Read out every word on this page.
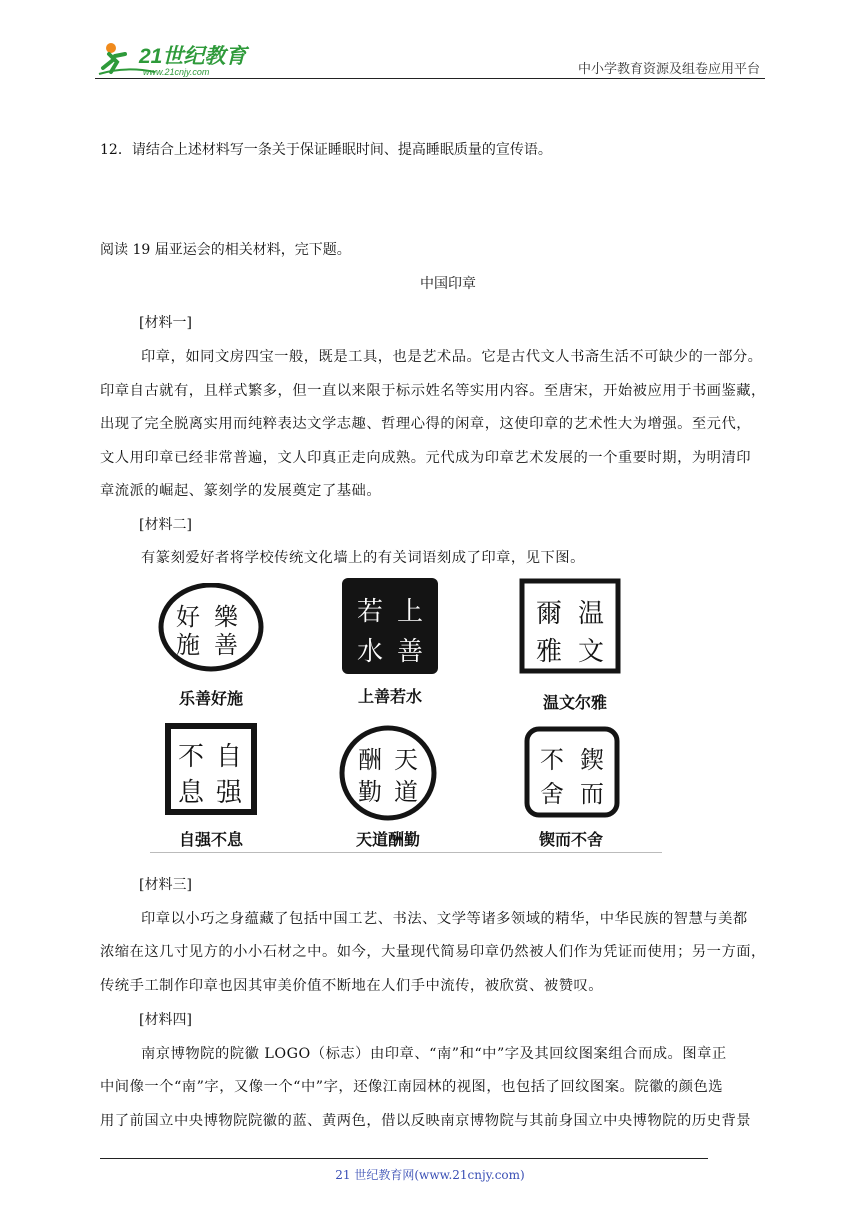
21世纪教育
www.21cnjy.com	中小学教育资源及组卷应用平台
12．请结合上述材料写一条关于保证睡眠时间、提高睡眠质量的宣传语。
阅读 19 届亚运会的相关材料，完下题。
中国印章
[材料一]
印章，如同文房四宝一般，既是工具，也是艺术品。它是古代文人书斋生活不可缺少的一部分。
印章自古就有，且样式繁多，但一直以来限于标示姓名等实用内容。至唐宋，开始被应用于书画鉴藏，
出现了完全脱离实用而纯粹表达文学志趣、哲理心得的闲章，这使印章的艺术性大为增强。至元代，
文人用印章已经非常普遍，文人印真正走向成熟。元代成为印章艺术发展的一个重要时期，为明清印
章流派的崛起、篆刻学的发展奠定了基础。
[材料二]
有篆刻爱好者将学校传统文化墙上的有关词语刻成了印章，见下图。
好 樂
施 善
乐善好施
若 上
水 善
上善若水
爾 温
雅 文
温文尔雅
不 自
息 强
自强不息
酬 天
勤 道
天道酬勤
不 鍥
舍 而
锲而不舍
[材料三]
印章以小巧之身蕴藏了包括中国工艺、书法、文学等诸多领域的精华，中华民族的智慧与美都
浓缩在这几寸见方的小小石材之中。如今，大量现代简易印章仍然被人们作为凭证而使用；另一方面，
传统手工制作印章也因其审美价值不断地在人们手中流传，被欣赏、被赞叹。
[材料四]
南京博物院的院徽 LOGO（标志）由印章、“南”和“中”字及其回纹图案组合而成。图章正
中间像一个“南”字，又像一个“中”字，还像江南园林的视图，也包括了回纹图案。院徽的颜色选
用了前国立中央博物院院徽的蓝、黄两色，借以反映南京博物院与其前身国立中央博物院的历史背景
21 世纪教育网(www.21cnjy.com)
